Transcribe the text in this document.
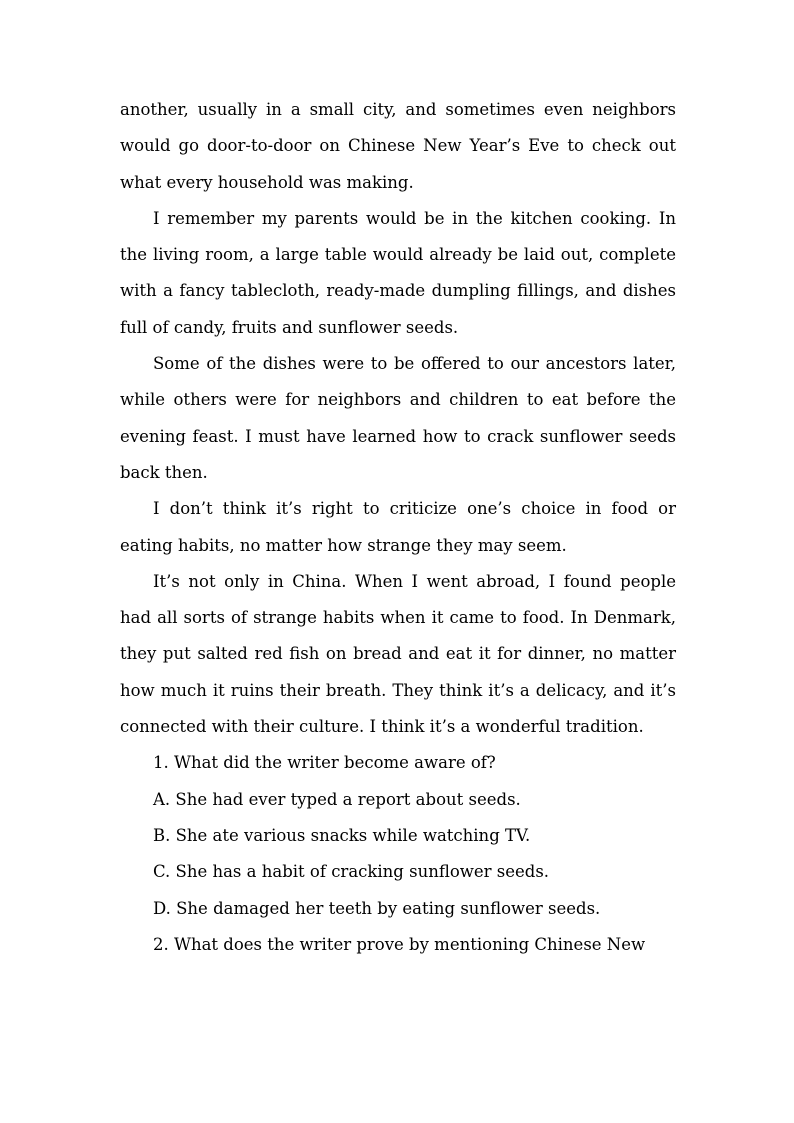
another, usually in a small city, and sometimes even neighbors would go door-to-door on Chinese New Year’s Eve to check out what every household was making.

I remember my parents would be in the kitchen cooking. In the living room, a large table would already be laid out, complete with a fancy tablecloth, ready-made dumpling fillings, and dishes full of candy, fruits and sunflower seeds.

Some of the dishes were to be offered to our ancestors later, while others were for neighbors and children to eat before the evening feast. I must have learned how to crack sunflower seeds back then.

I don’t think it’s right to criticize one’s choice in food or eating habits, no matter how strange they may seem.

It’s not only in China. When I went abroad, I found people had all sorts of strange habits when it came to food. In Denmark, they put salted red fish on bread and eat it for dinner, no matter how much it ruins their breath. They think it’s a delicacy, and it’s connected with their culture. I think it’s a wonderful tradition.

1. What did the writer become aware of?

A. She had ever typed a report about seeds.

B. She ate various snacks while watching TV.

C. She has a habit of cracking sunflower seeds.

D. She damaged her teeth by eating sunflower seeds.

2. What does the writer prove by mentioning Chinese New
